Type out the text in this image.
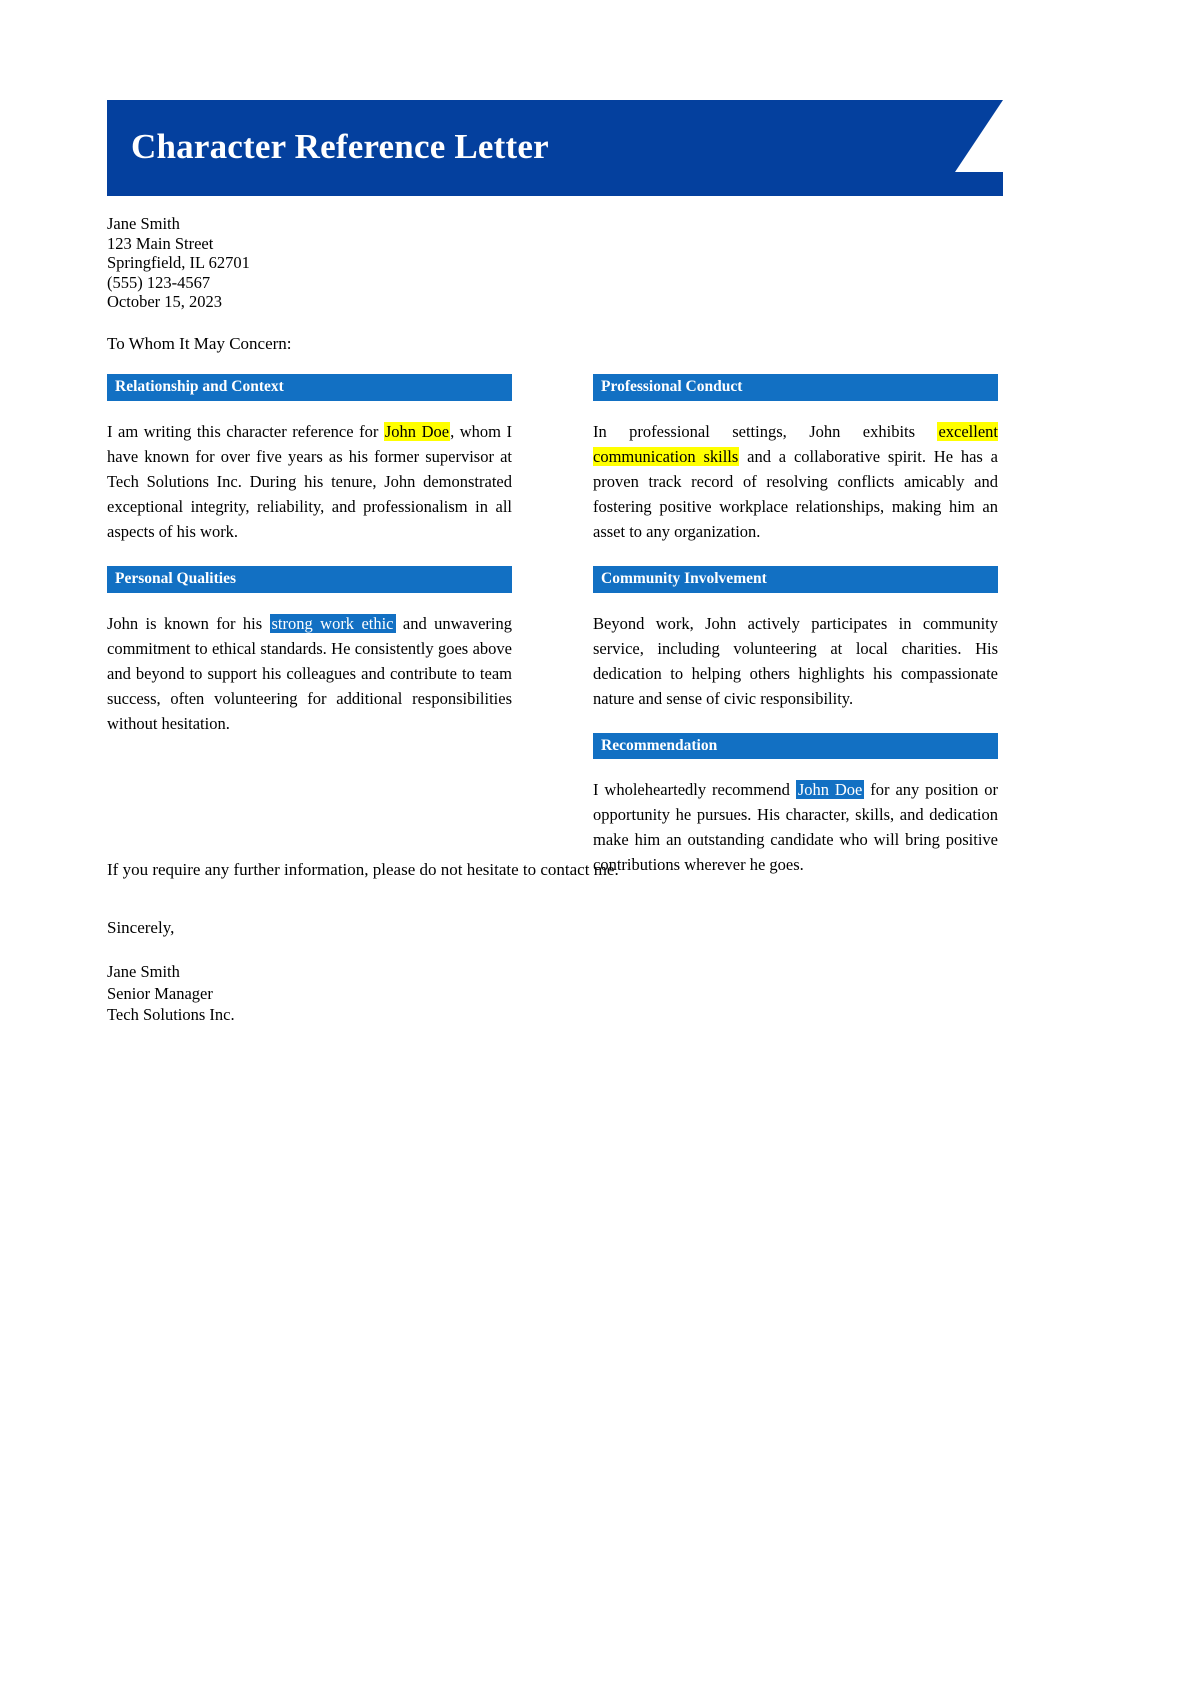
Character Reference Letter
Jane Smith
123 Main Street
Springfield, IL 62701
(555) 123-4567
October 15, 2023
To Whom It May Concern:
Relationship and Context

I am writing this character reference for John Doe, whom I have known for over five years as his former supervisor at Tech Solutions Inc. During his tenure, John demonstrated exceptional integrity, reliability, and professionalism in all aspects of his work.

Personal Qualities

John is known for his strong work ethic and unwavering commitment to ethical standards. He consistently goes above and beyond to support his colleagues and contribute to team success, often volunteering for additional responsibilities without hesitation.

Professional Conduct

In professional settings, John exhibits excellent communication skills and a collaborative spirit. He has a proven track record of resolving conflicts amicably and fostering positive workplace relationships, making him an asset to any organization.

Community Involvement

Beyond work, John actively participates in community service, including volunteering at local charities. His dedication to helping others highlights his compassionate nature and sense of civic responsibility.

Recommendation

I wholeheartedly recommend John Doe for any position or opportunity he pursues. His character, skills, and dedication make him an outstanding candidate who will bring positive contributions wherever he goes.

If you require any further information, please do not hesitate to contact me.
Sincerely,
Jane Smith
Senior Manager
Tech Solutions Inc.
